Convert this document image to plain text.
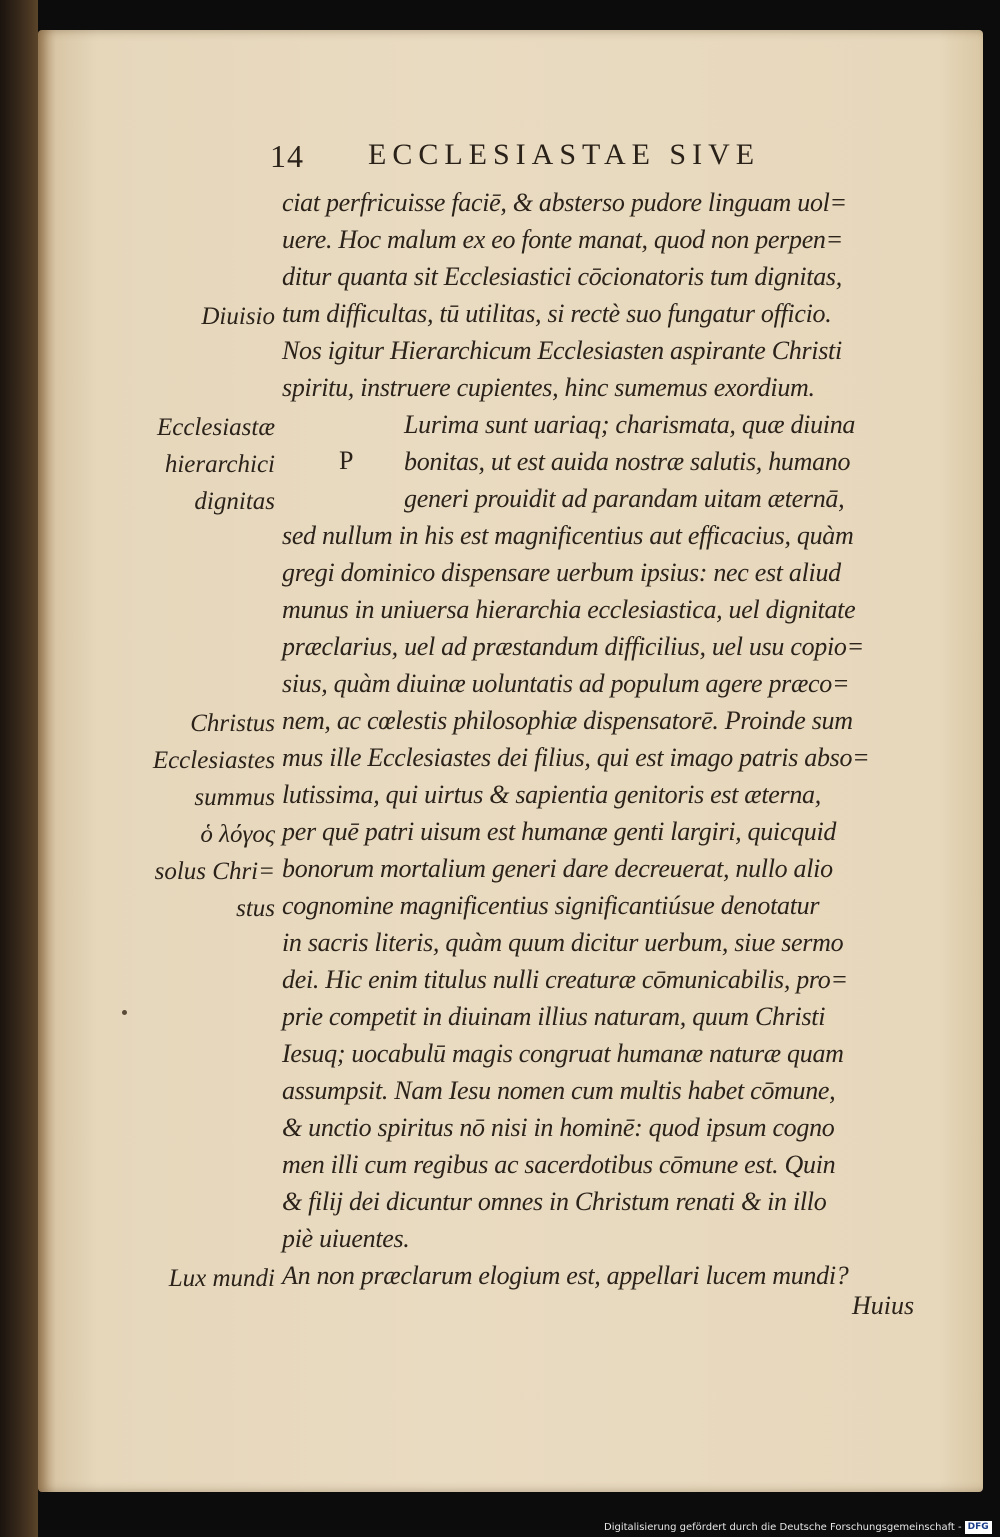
14 ECCLESIASTAE SIVE
ciat perfricuisse faciē, & absterso pudore linguam uol=
uere. Hoc malum ex eo fonte manat, quod non perpen=
ditur quanta sit Ecclesiastici cōcionatoris tum dignitas,
tum difficultas, tū utilitas, si rectè suo fungatur officio.
Nos igitur Hierarchicum Ecclesiasten aspirante Christi
spiritu, instruere cupientes, hinc sumemus exordium.
Lurima sunt uariaq; charismata, quæ diuina
bonitas, ut est auida nostræ salutis, humano
generi prouidit ad parandam uitam æternā,
sed nullum in his est magnificentius aut efficacius, quàm
gregi dominico dispensare uerbum ipsius: nec est aliud
munus in uniuersa hierarchia ecclesiastica, uel dignitate
præclarius, uel ad præstandum difficilius, uel usu copio=
sius, quàm diuinæ uoluntatis ad populum agere præco=
nem, ac cœlestis philosophiæ dispensatorē. Proinde sum
mus ille Ecclesiastes dei filius, qui est imago patris abso=
lutissima, qui uirtus & sapientia genitoris est æterna,
per quē patri uisum est humanæ genti largiri, quicquid
bonorum mortalium generi dare decreuerat, nullo alio
cognomine magnificentius significantiúsue denotatur
in sacris literis, quàm quum dicitur uerbum, siue sermo
dei. Hic enim titulus nulli creaturæ cōmunicabilis, pro=
prie competit in diuinam illius naturam, quum Christi
Iesuq; uocabulū magis congruat humanæ naturæ quam
assumpsit. Nam Iesu nomen cum multis habet cōmune,
& unctio spiritus nō nisi in hominē: quod ipsum cogno
men illi cum regibus ac sacerdotibus cōmune est. Quin
& filij dei dicuntur omnes in Christum renati & in illo
piè uiuentes.
An non præclarum elogium est, appellari lucem mundi?
P
Huius
Diuisio
Ecclesiastæ
hierarchici
dignitas
Christus
Ecclesiastes
summus
ὁ λόγος
solus Chri=
stus
Lux mundi
Digitalisierung gefördert durch die Deutsche Forschungsgemeinschaft - DFG
